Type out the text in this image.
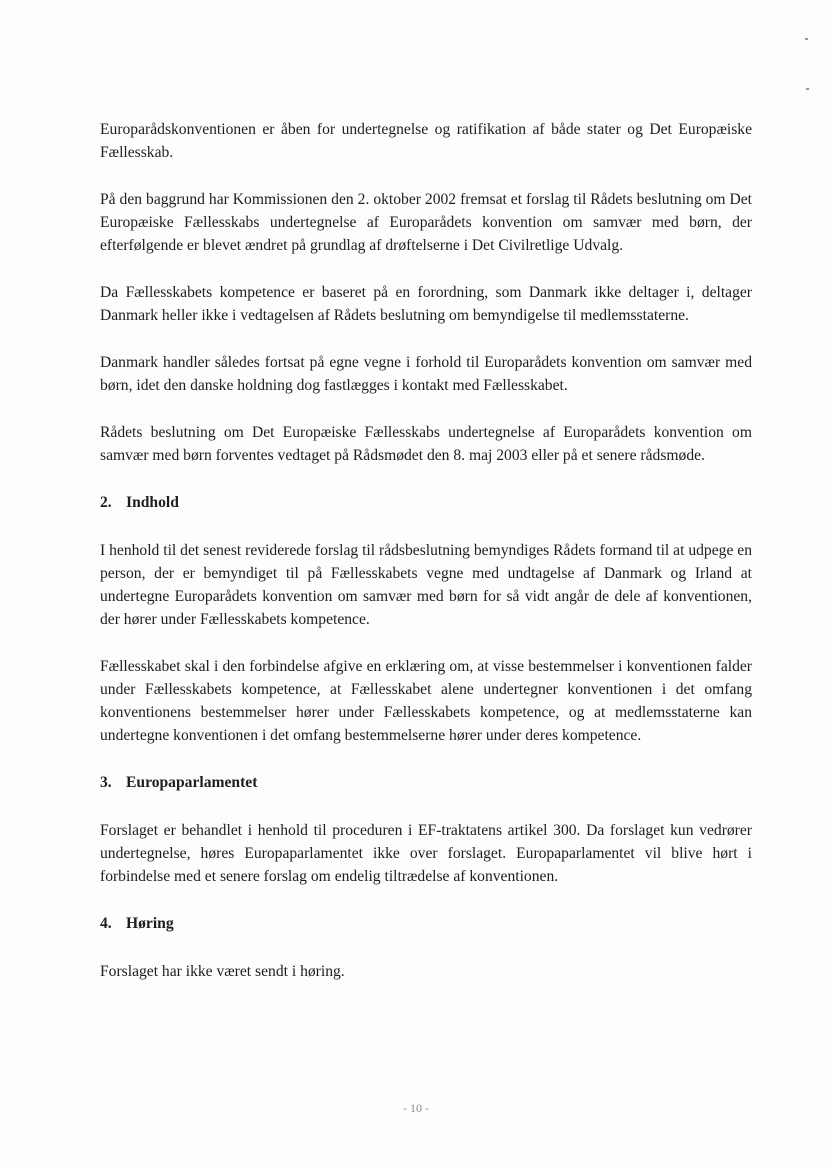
Europarådskonventionen er åben for undertegnelse og ratifikation af både stater og Det Europæiske Fællesskab.

På den baggrund har Kommissionen den 2. oktober 2002 fremsat et forslag til Rådets beslutning om Det Europæiske Fællesskabs undertegnelse af Europarådets konvention om samvær med børn, der efterfølgende er blevet ændret på grundlag af drøftelserne i Det Civilretlige Udvalg.

Da Fællesskabets kompetence er baseret på en forordning, som Danmark ikke deltager i, deltager Danmark heller ikke i vedtagelsen af Rådets beslutning om bemyndigelse til medlemsstaterne.

Danmark handler således fortsat på egne vegne i forhold til Europarådets konvention om samvær med børn, idet den danske holdning dog fastlægges i kontakt med Fællesskabet.

Rådets beslutning om Det Europæiske Fællesskabs undertegnelse af Europarådets konvention om samvær med børn forventes vedtaget på Rådsmødet den 8. maj 2003 eller på et senere rådsmøde.

2. Indhold

I henhold til det senest reviderede forslag til rådsbeslutning bemyndiges Rådets formand til at udpege en person, der er bemyndiget til på Fællesskabets vegne med undtagelse af Danmark og Irland at undertegne Europarådets konvention om samvær med børn for så vidt angår de dele af konventionen, der hører under Fællesskabets kompetence.

Fællesskabet skal i den forbindelse afgive en erklæring om, at visse bestemmelser i konventionen falder under Fællesskabets kompetence, at Fællesskabet alene undertegner konventionen i det omfang konventionens bestemmelser hører under Fællesskabets kompetence, og at medlemsstaterne kan undertegne konventionen i det omfang bestemmelserne hører under deres kompetence.

3. Europaparlamentet

Forslaget er behandlet i henhold til proceduren i EF-traktatens artikel 300. Da forslaget kun vedrører undertegnelse, høres Europaparlamentet ikke over forslaget. Europaparlamentet vil blive hørt i forbindelse med et senere forslag om endelig tiltrædelse af konventionen.

4. Høring

Forslaget har ikke været sendt i høring.

- 10 -
